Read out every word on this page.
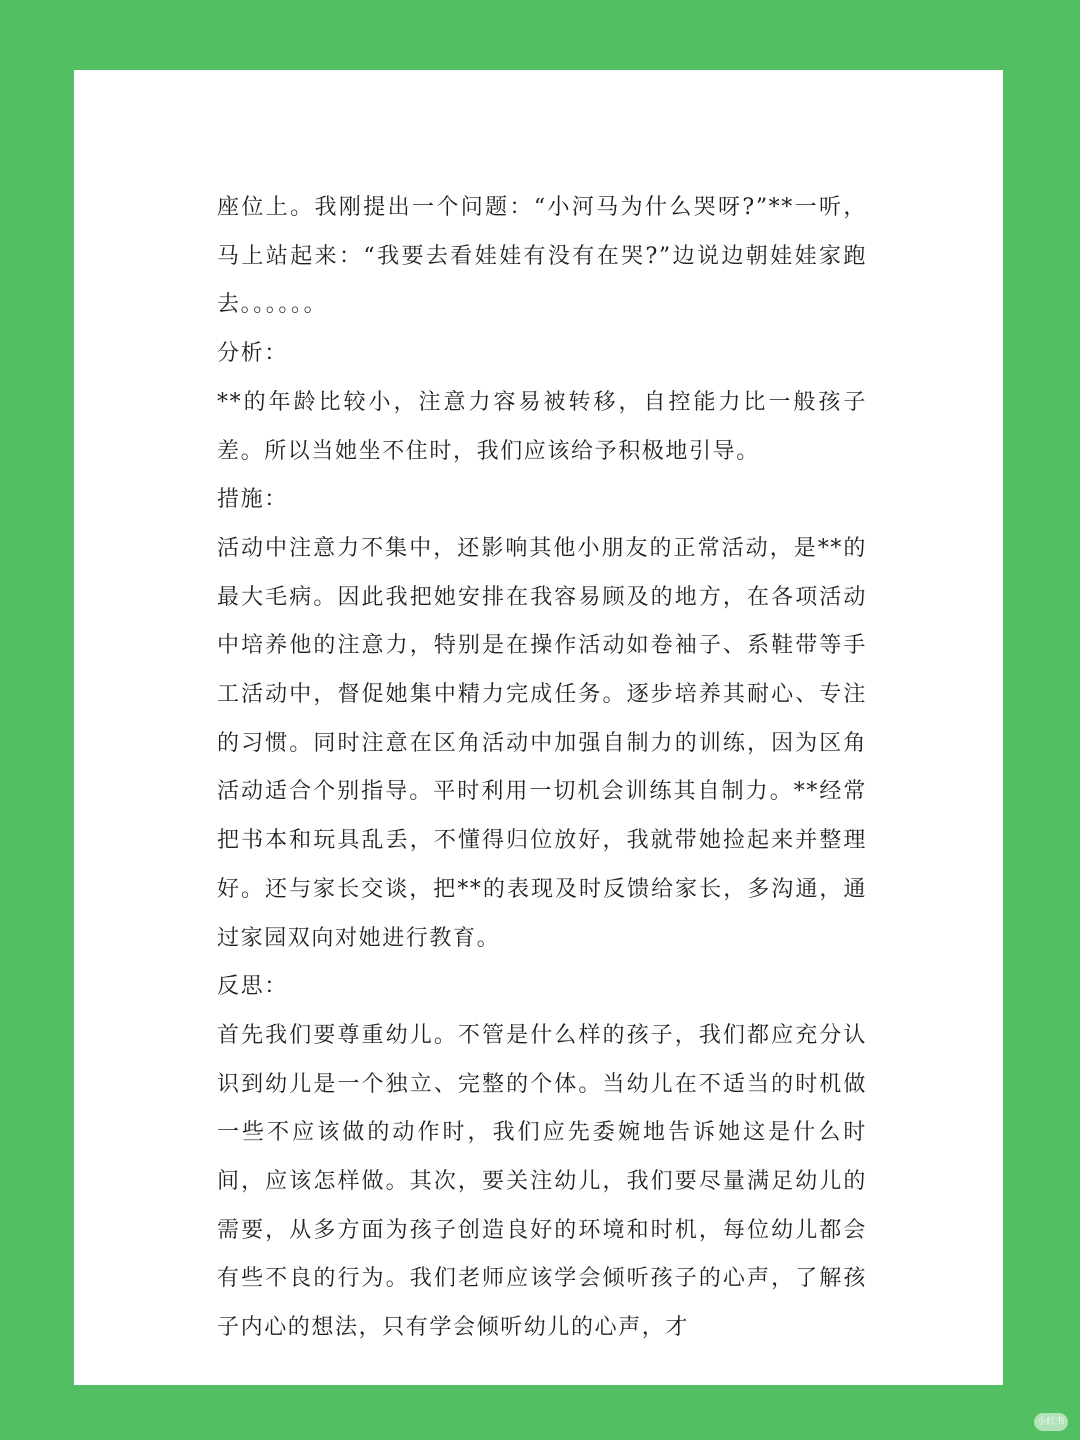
座位上。我刚提出一个问题：“小河马为什么哭呀?”**一听，马上站起来：“我要去看娃娃有没有在哭?”边说边朝娃娃家跑去。。。。。。

分析：

**的年龄比较小，注意力容易被转移，自控能力比一般孩子差。所以当她坐不住时，我们应该给予积极地引导。

措施：

活动中注意力不集中，还影响其他小朋友的正常活动，是**的最大毛病。因此我把她安排在我容易顾及的地方，在各项活动中培养他的注意力，特别是在操作活动如卷袖子、系鞋带等手工活动中，督促她集中精力完成任务。逐步培养其耐心、专注的习惯。同时注意在区角活动中加强自制力的训练，因为区角活动适合个别指导。平时利用一切机会训练其自制力。**经常把书本和玩具乱丢，不懂得归位放好，我就带她捡起来并整理好。还与家长交谈，把**的表现及时反馈给家长，多沟通，通过家园双向对她进行教育。

反思：

首先我们要尊重幼儿。不管是什么样的孩子，我们都应充分认识到幼儿是一个独立、完整的个体。当幼儿在不适当的时机做一些不应该做的动作时，我们应先委婉地告诉她这是什么时间，应该怎样做。其次，要关注幼儿，我们要尽量满足幼儿的需要，从多方面为孩子创造良好的环境和时机，每位幼儿都会有些不良的行为。我们老师应该学会倾听孩子的心声，了解孩子内心的想法，只有学会倾听幼儿的心声，才

小红书
